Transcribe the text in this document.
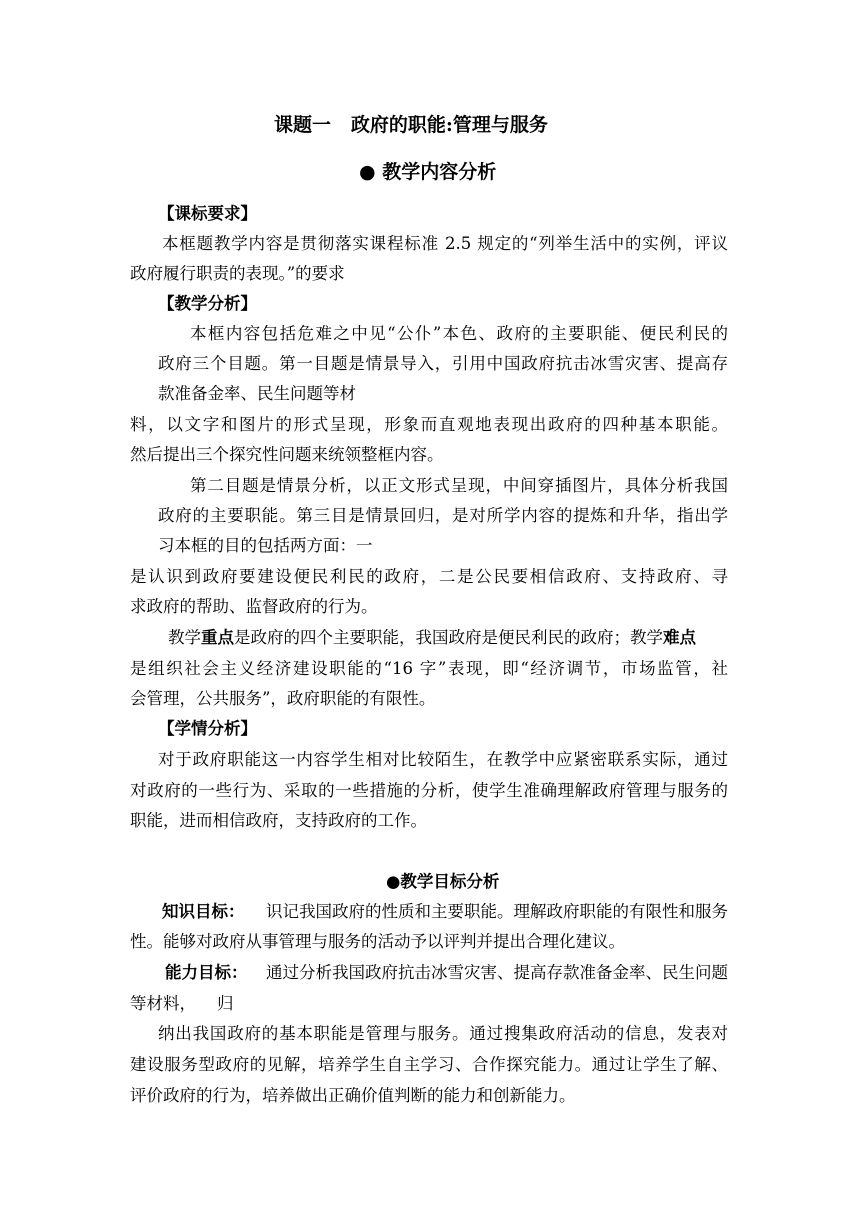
课题一   政府的职能:管理与服务
● 教学内容分析
【课标要求】
本框题教学内容是贯彻落实课程标准 2.5 规定的“列举生活中的实例，评议
政府履行职责的表现。”的要求
【教学分析】
本框内容包括危难之中见“公仆”本色、政府的主要职能、便民利民的
政府三个目题。第一目题是情景导入，引用中国政府抗击冰雪灾害、提高存
款准备金率、民生问题等材
料，以文字和图片的形式呈现，形象而直观地表现出政府的四种基本职能。
然后提出三个探究性问题来统领整框内容。
第二目题是情景分析，以正文形式呈现，中间穿插图片，具体分析我国
政府的主要职能。第三目是情景回归，是对所学内容的提炼和升华，指出学
习本框的目的包括两方面：一
是认识到政府要建设便民利民的政府，二是公民要相信政府、支持政府、寻
求政府的帮助、监督政府的行为。
教学 重点 是政府的四个主要职能，我国政府是便民利民的政府；教学 难点
是组织社会主义经济建设职能的“16 字”表现，即“经济调节，市场监管，社
会管理，公共服务”，政府职能的有限性。
【学情分析】
对于政府职能这一内容学生相对比较陌生，在教学中应紧密联系实际，通过
对政府的一些行为、采取的一些措施的分析，使学生准确理解政府管理与服务的
职能，进而相信政府，支持政府的工作。
●教学目标分析
知识目标： 识记我国政府的性质和主要职能。理解政府职能的有限性和服务
性。能够对政府从事管理与服务的活动予以评判并提出合理化建议。
能力目标： 通过分析我国政府抗击冰雪灾害、提高存款准备金率、民生问题
等材料， 归
纳出我国政府的基本职能是管理与服务。通过搜集政府活动的信息，发表对
建设服务型政府的见解，培养学生自主学习、合作探究能力。通过让学生了解、
评价政府的行为，培养做出正确价值判断的能力和创新能力。
